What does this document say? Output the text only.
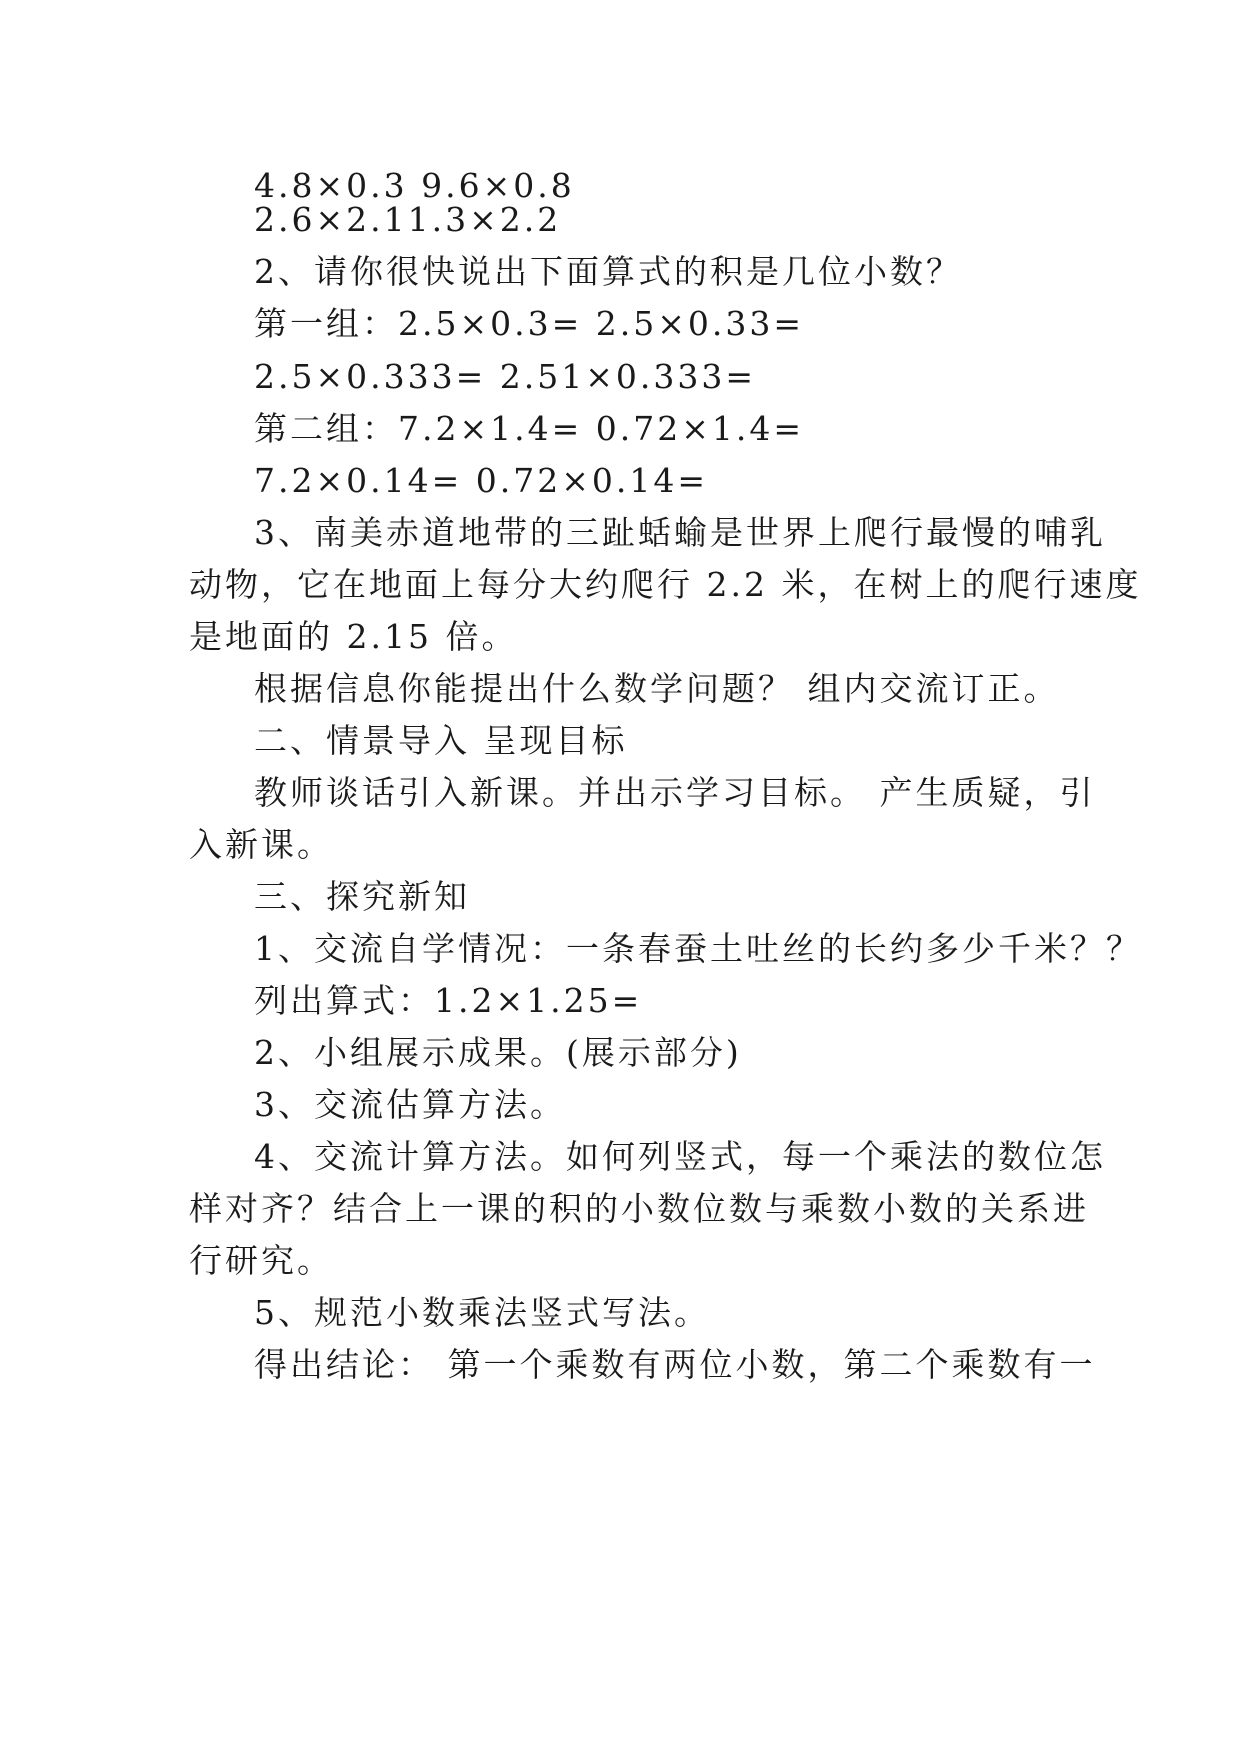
4.8×0.3 9.6×0.8
2.6×2.11.3×2.2
2、请你很快说出下面算式的积是几位小数？
第一组：2.5×0.3= 2.5×0.33=
2.5×0.333= 2.51×0.333=
第二组：7.2×1.4= 0.72×1.4=
7.2×0.14= 0.72×0.14=
3、南美赤道地带的三趾蛞蝓是世界上爬行最慢的哺乳
动物，它在地面上每分大约爬行 2.2 米，在树上的爬行速度
是地面的 2.15 倍。
根据信息你能提出什么数学问题？ 组内交流订正。
二、情景导入 呈现目标
教师谈话引入新课。并出示学习目标。 产生质疑，引
入新课。
三、探究新知
1、交流自学情况：一条春蚕土吐丝的长约多少千米？？
列出算式：1.2×1.25=
2、小组展示成果。(展示部分)
3、交流估算方法。
4、交流计算方法。如何列竖式，每一个乘法的数位怎
样对齐？结合上一课的积的小数位数与乘数小数的关系进
行研究。
5、规范小数乘法竖式写法。
得出结论： 第一个乘数有两位小数，第二个乘数有一
